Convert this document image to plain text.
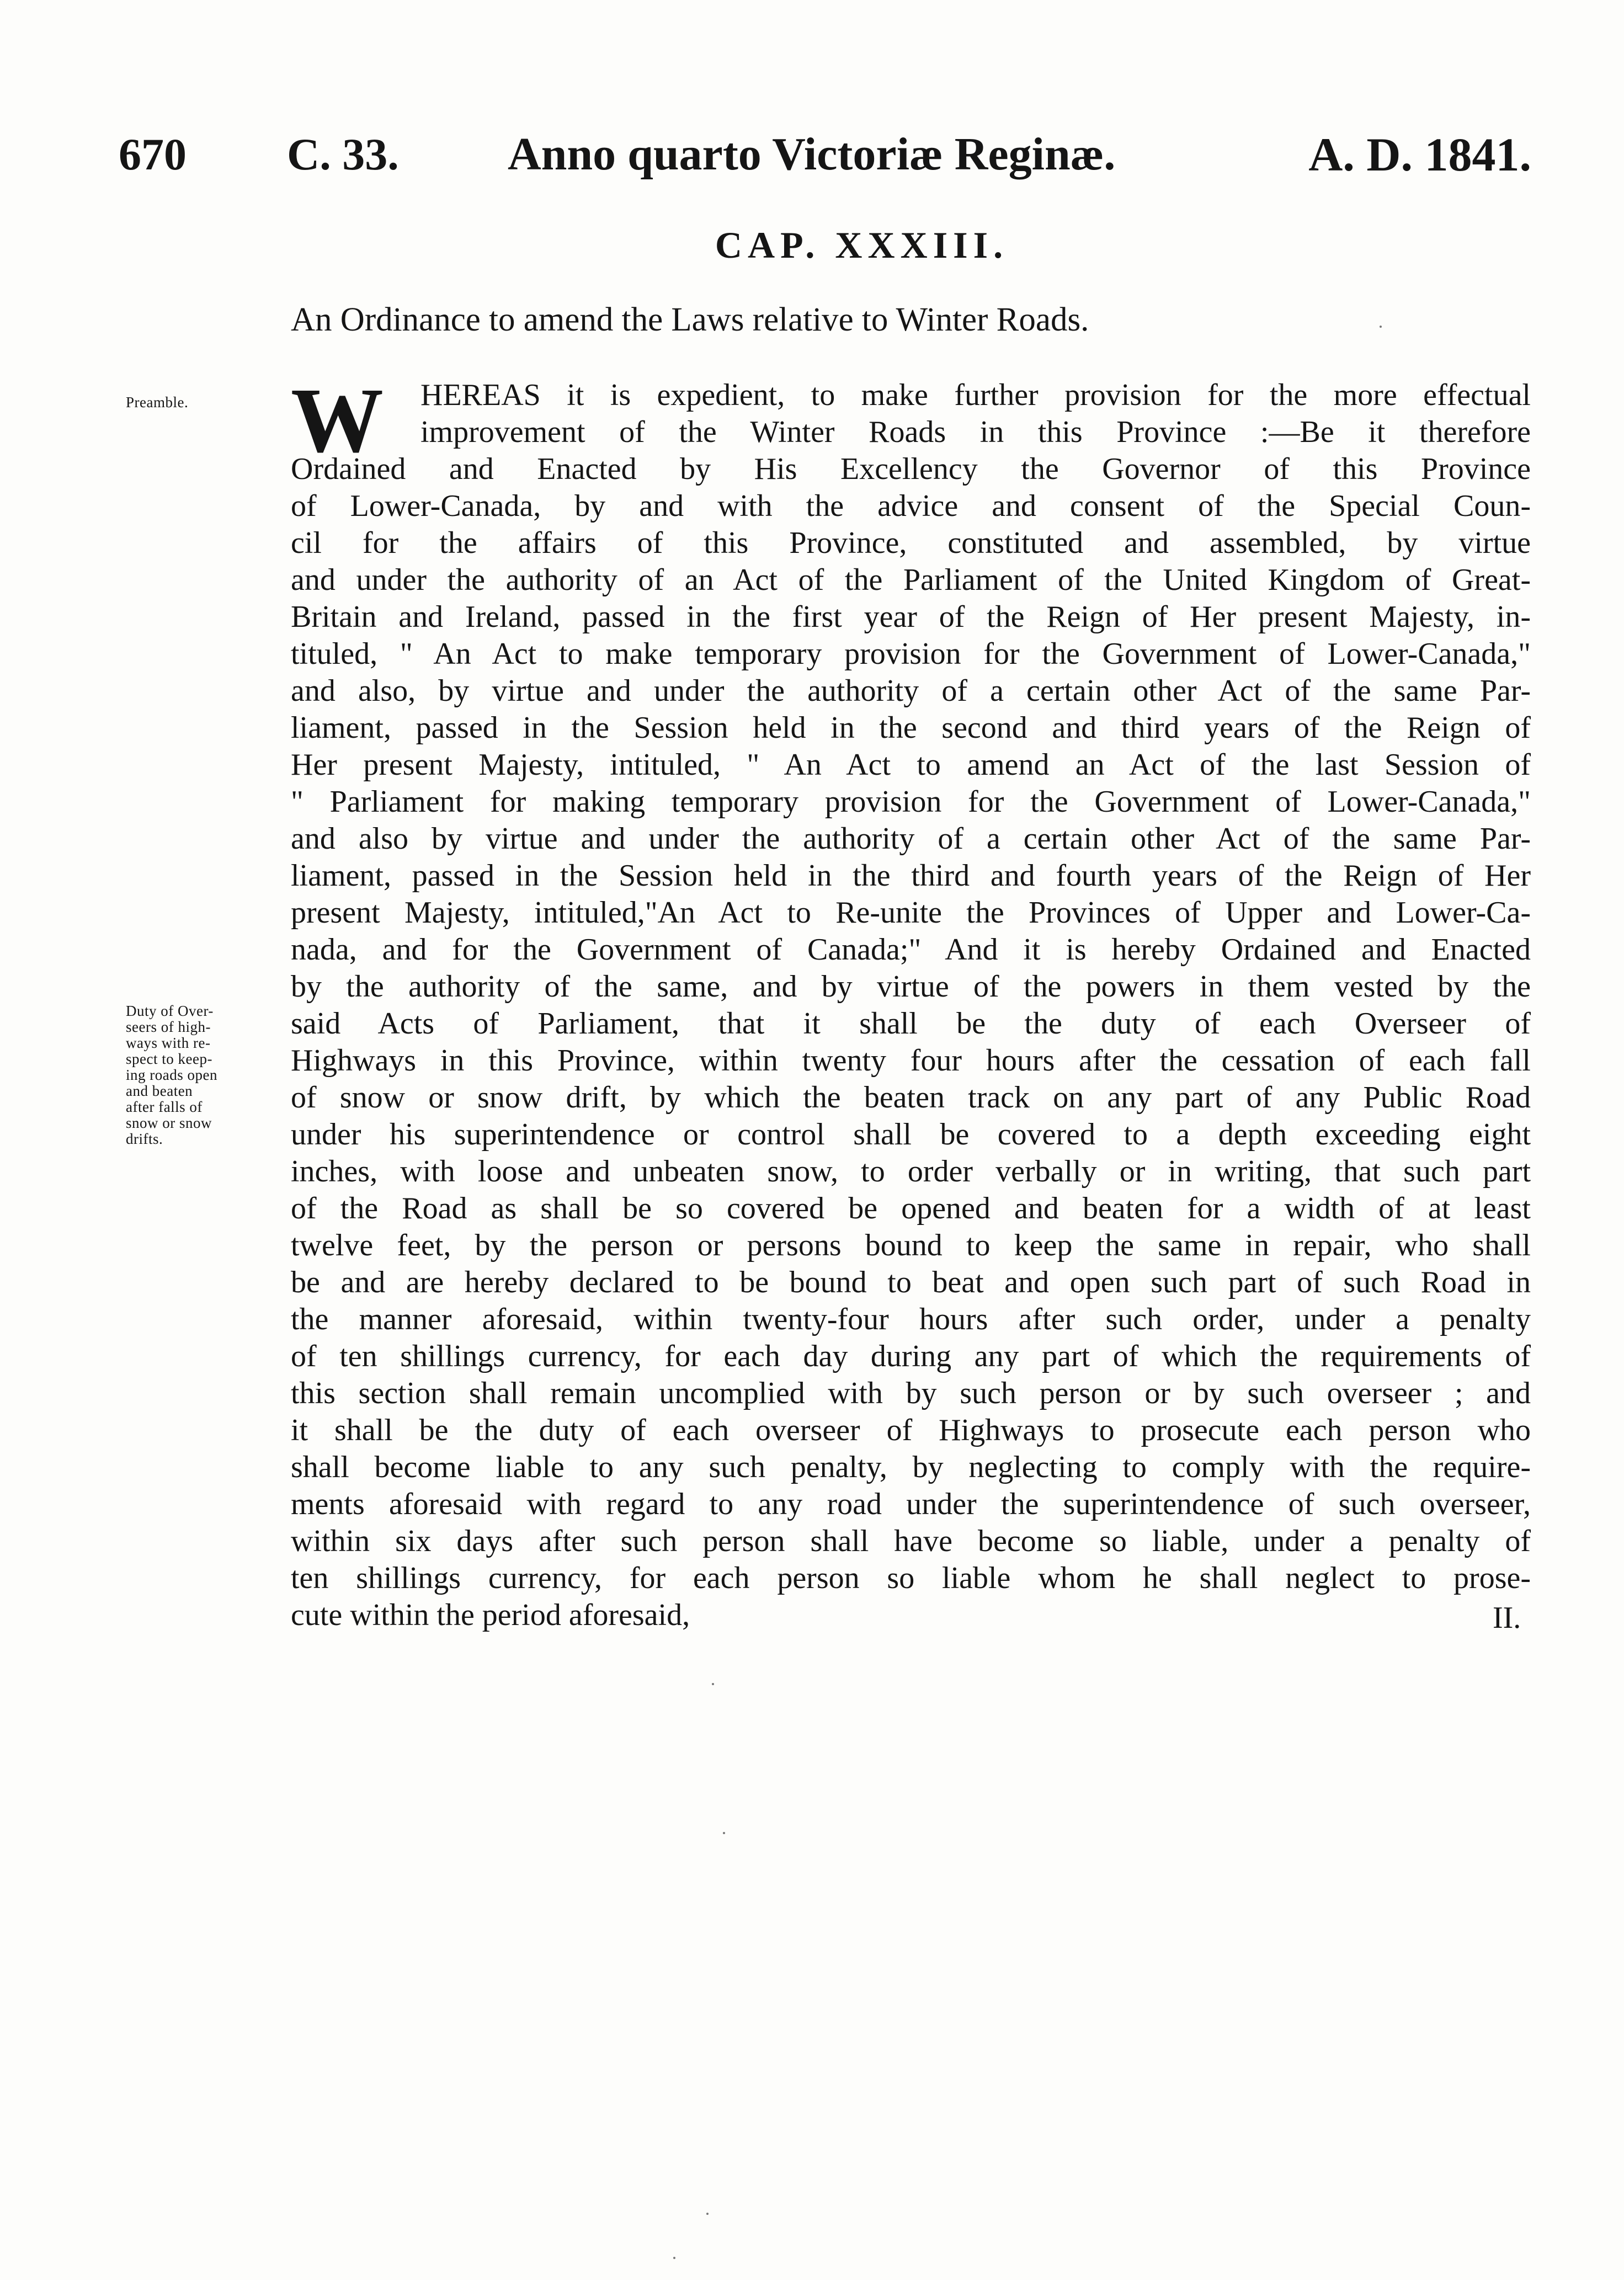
670 C. 33. Anno quarto Victoriæ Reginæ.	A. D. 1841.
CAP. XXXIII.
An Ordinance to amend the Laws relative to Winter Roads.
Preamble.
Duty of Over-
seers of high-
ways with re-
spect to keep-
ing roads open
and beaten
after falls of
snow or snow
drifts.
W	HEREAS it is expedient, to make further provision for the more effectual
improvement of the Winter Roads in this Province :—Be it therefore
Ordained and Enacted by His Excellency the Governor of this Province
of Lower-Canada, by and with the advice and consent of the Special Coun-
cil for the affairs of this Province, constituted and assembled, by virtue
and under the authority of an Act of the Parliament of the United Kingdom of Great-
Britain and Ireland, passed in the first year of the Reign of Her present Majesty, in-
tituled, " An Act to make temporary provision for the Government of Lower-Canada,"
and also, by virtue and under the authority of a certain other Act of the same Par-
liament, passed in the Session held in the second and third years of the Reign of
Her present Majesty, intituled, " An Act to amend an Act of the last Session of
" Parliament for making temporary provision for the Government of Lower-Canada,"
and also by virtue and under the authority of a certain other Act of the same Par-
liament, passed in the Session held in the third and fourth years of the Reign of Her
present Majesty, intituled,"An Act to Re-unite the Provinces of Upper and Lower-Ca-
nada, and for the Government of Canada;" And it is hereby Ordained and Enacted
by the authority of the same, and by virtue of the powers in them vested by the
said Acts of Parliament, that it shall be the duty of each Overseer of
Highways in this Province, within twenty four hours after the cessation of each fall
of snow or snow drift, by which the beaten track on any part of any Public Road
under his superintendence or control shall be covered to a depth exceeding eight
inches, with loose and unbeaten snow, to order verbally or in writing, that such part
of the Road as shall be so covered be opened and beaten for a width of at least
twelve feet, by the person or persons bound to keep the same in repair, who shall
be and are hereby declared to be bound to beat and open such part of such Road in
the manner aforesaid, within twenty-four hours after such order, under a penalty
of ten shillings currency, for each day during any part of which the requirements of
this section shall remain uncomplied with by such person or by such overseer ; and
it shall be the duty of each overseer of Highways to prosecute each person who
shall become liable to any such penalty, by neglecting to comply with the require-
ments aforesaid with regard to any road under the superintendence of such overseer,
within six days after such person shall have become so liable, under a penalty of
ten shillings currency, for each person so liable whom he shall neglect to prose-
cute within the period aforesaid,	II.
